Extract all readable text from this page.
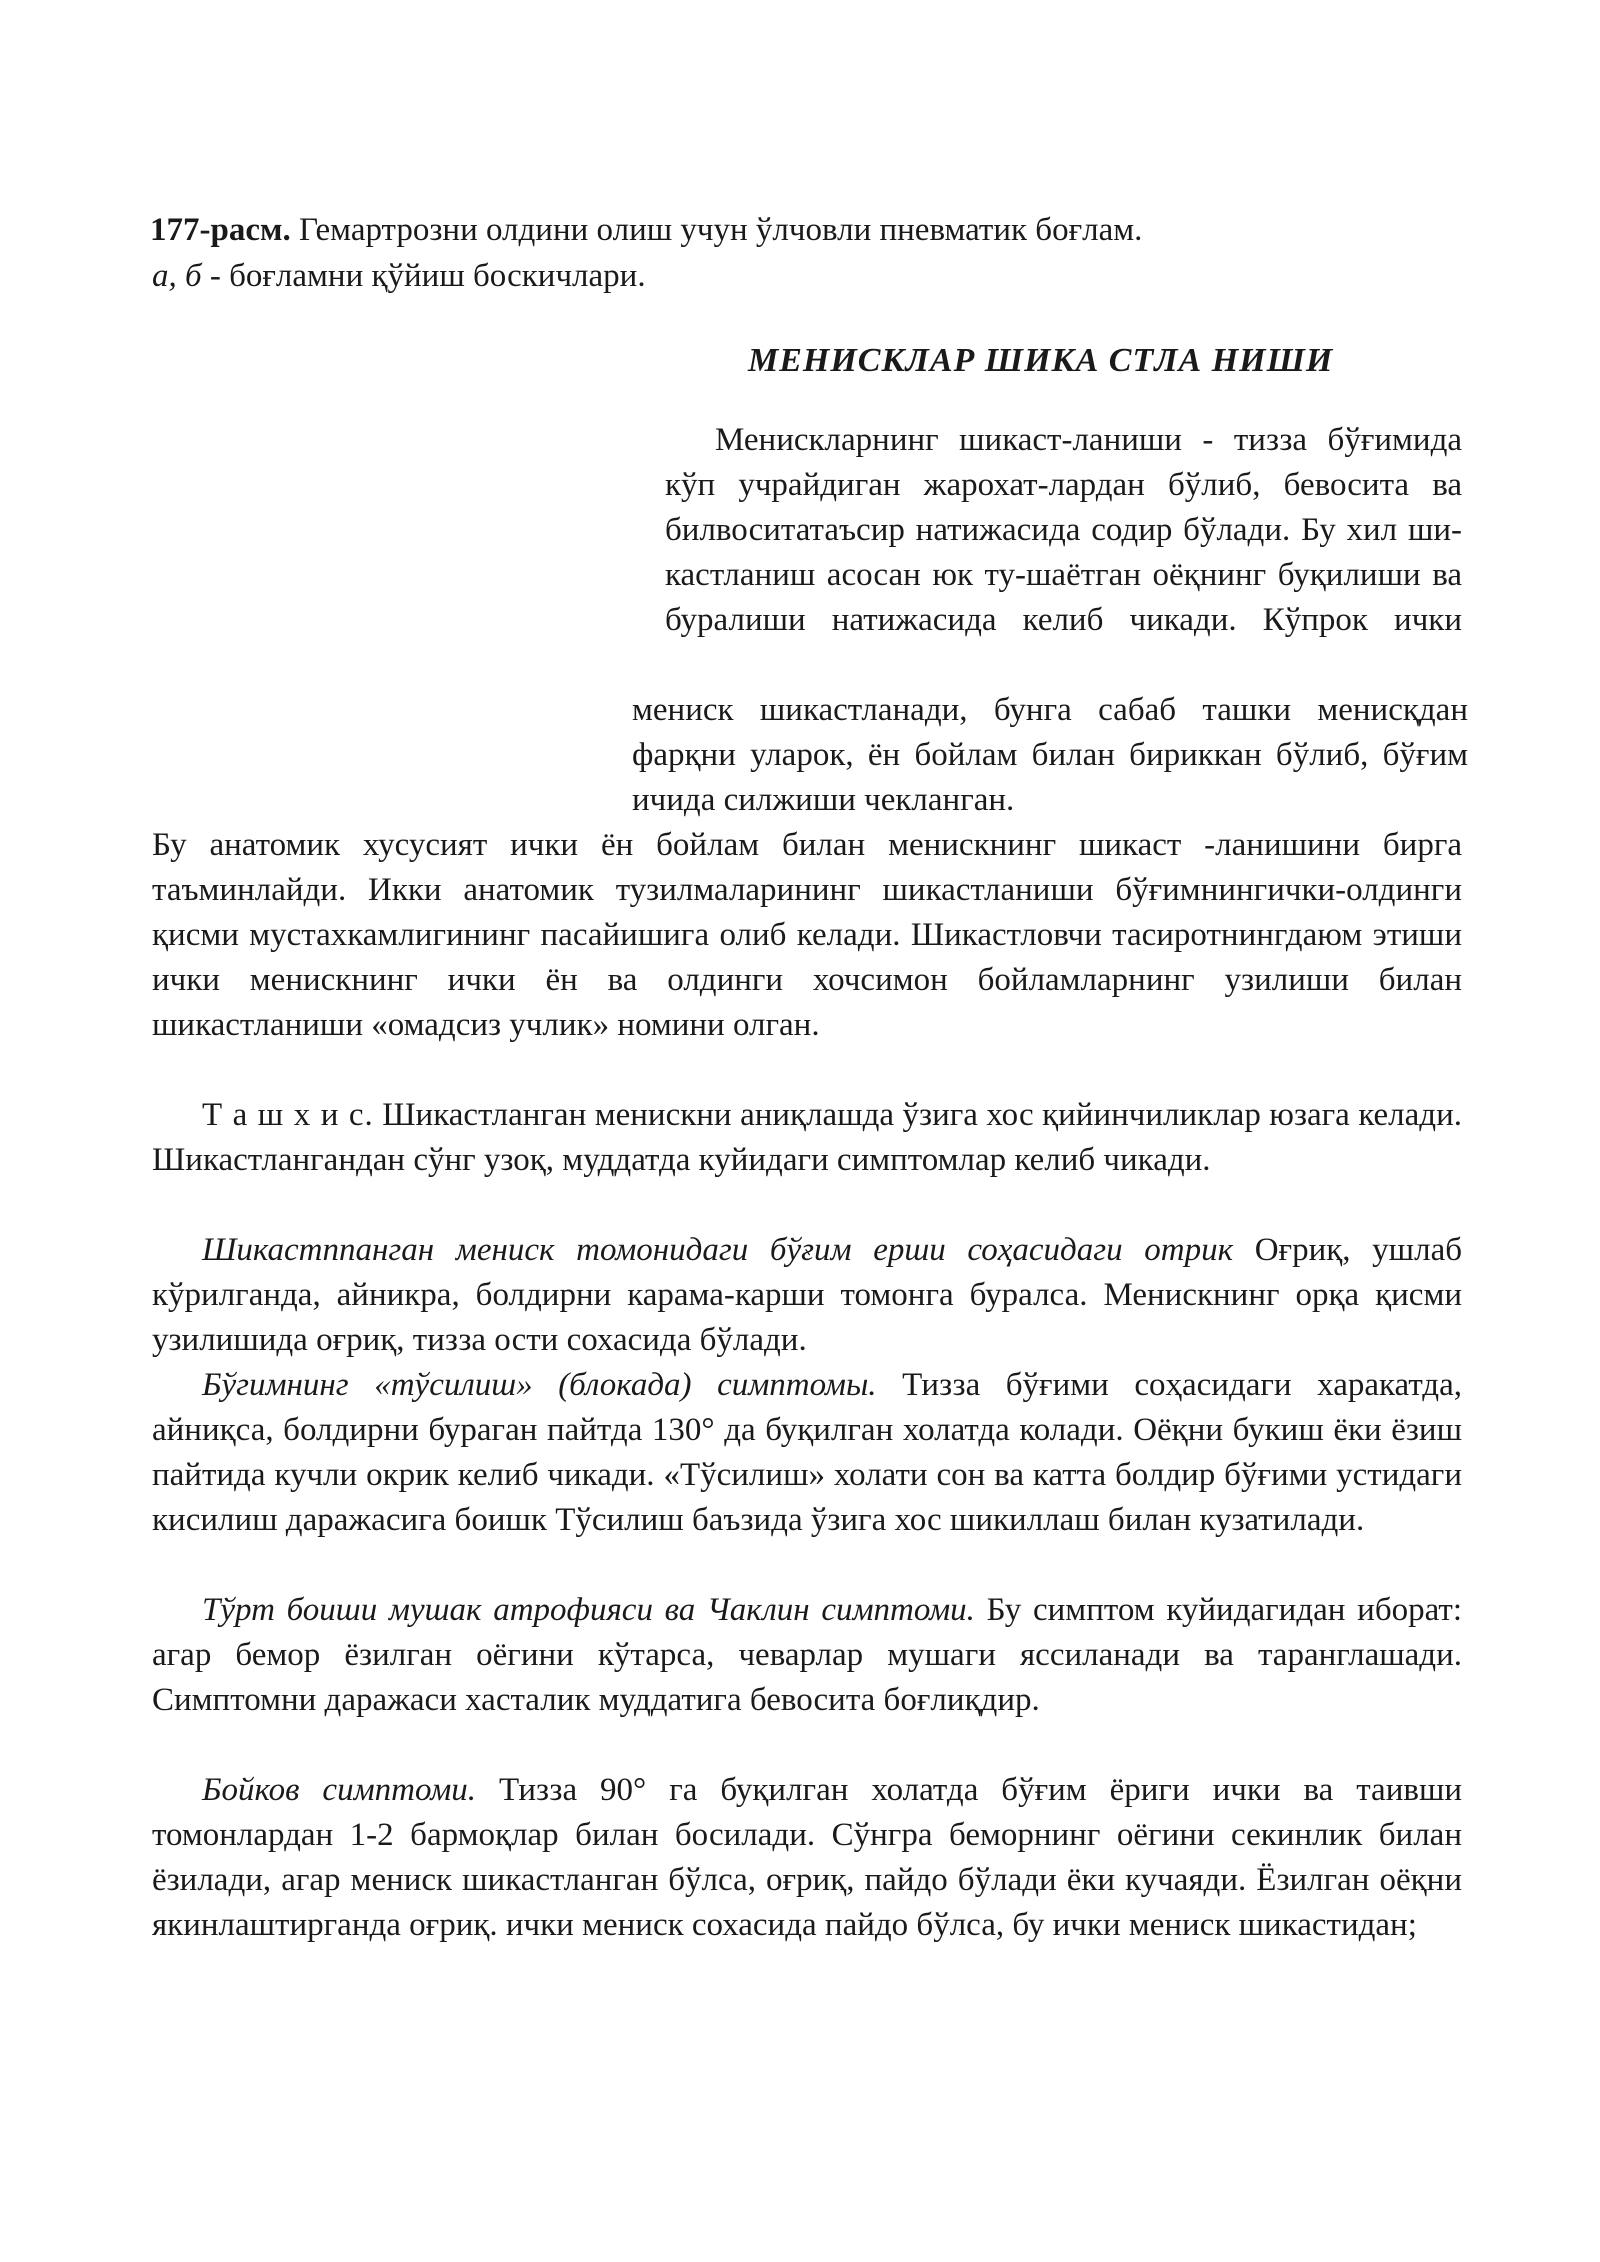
177-расм. Гемартрозни олдини олиш учун ўлчовли пневматик боғлам.

а, б - боғламни қўйиш боскичлари.

МЕНИСКЛАР ШИКА СТЛА НИШИ

Менискларнинг шикаст-ланиши - тизза бўғимида кўп учрайдиган жарохат-лардан бўлиб, бевосита ва билвоситатаъсир натижасида содир бўлади. Бу хил ши-кастланиш асосан юк ту-шаётган оёқнинг буқилиши ва буралиши натижасида келиб чикади. Кўпрок ички

мениск шикастланади, бунга сабаб ташки менисқдан фарқни уларок, ён бойлам билан бириккан бўлиб, бўғим ичида силжиши чекланган.

Бу анатомик хусусият ички ён бойлам билан менискнинг шикаст -ланишини бирга таъминлайди. Икки анатомик тузилмаларининг шикастланиши бўғимнингички-олдинги қисми мустахкамлигининг пасайишига олиб келади. Шикастловчи тасиротнингдаюм этиши ички менискнинг ички ён ва олдинги хочсимон бойламларнинг узилиши билан шикастланиши «омадсиз учлик» номини олган.

Т а ш х и с. Шикастланган менискни аниқлашда ўзига хос қийинчиликлар юзага келади. Шикастлангандан сўнг узоқ, муддатда куйидаги симптомлар келиб чикади.

Шикастппанган мениск томонидаги бўғим ерши соҳасидаги отрик Оғриқ, ушлаб кўрилганда, айникра, болдирни карама-карши томонга буралса. Менискнинг орқа қисми узилишида оғриқ, тизза ости сохасида бўлади.

Бўгимнинг «тўсилиш» (блокада) симптомы. Тизза бўғими соҳасидаги харакатда, айниқса, болдирни бураган пайтда 130° да буқилган холатда колади. Оёқни букиш ёки ёзиш пайтида кучли окрик келиб чикади. «Тўсилиш» холати сон ва катта болдир бўғими устидаги кисилиш даражасига боишк Тўсилиш баъзида ўзига хос шикиллаш билан кузатилади.

Тўрт боиши мушак атрофияси ва Чаклин симптоми. Бу симптом куйидагидан иборат: агар бемор ёзилган оёгини кўтарса, чеварлар мушаги яссиланади ва таранглашади. Симптомни даражаси хасталик муддатига бевосита боғлиқдир.

Бойков симптоми. Тизза 90° га буқилган холатда бўғим ёриги ички ва таивши томонлардан 1-2 бармоқлар билан босилади. Сўнгра беморнинг оёгини секинлик билан ёзилади, агар мениск шикастланган бўлса, оғриқ, пайдо бўлади ёки кучаяди. Ёзилган оёқни якинлаштирганда оғриқ. ички мениск сохасида пайдо бўлса, бу ички мениск шикастидан;
